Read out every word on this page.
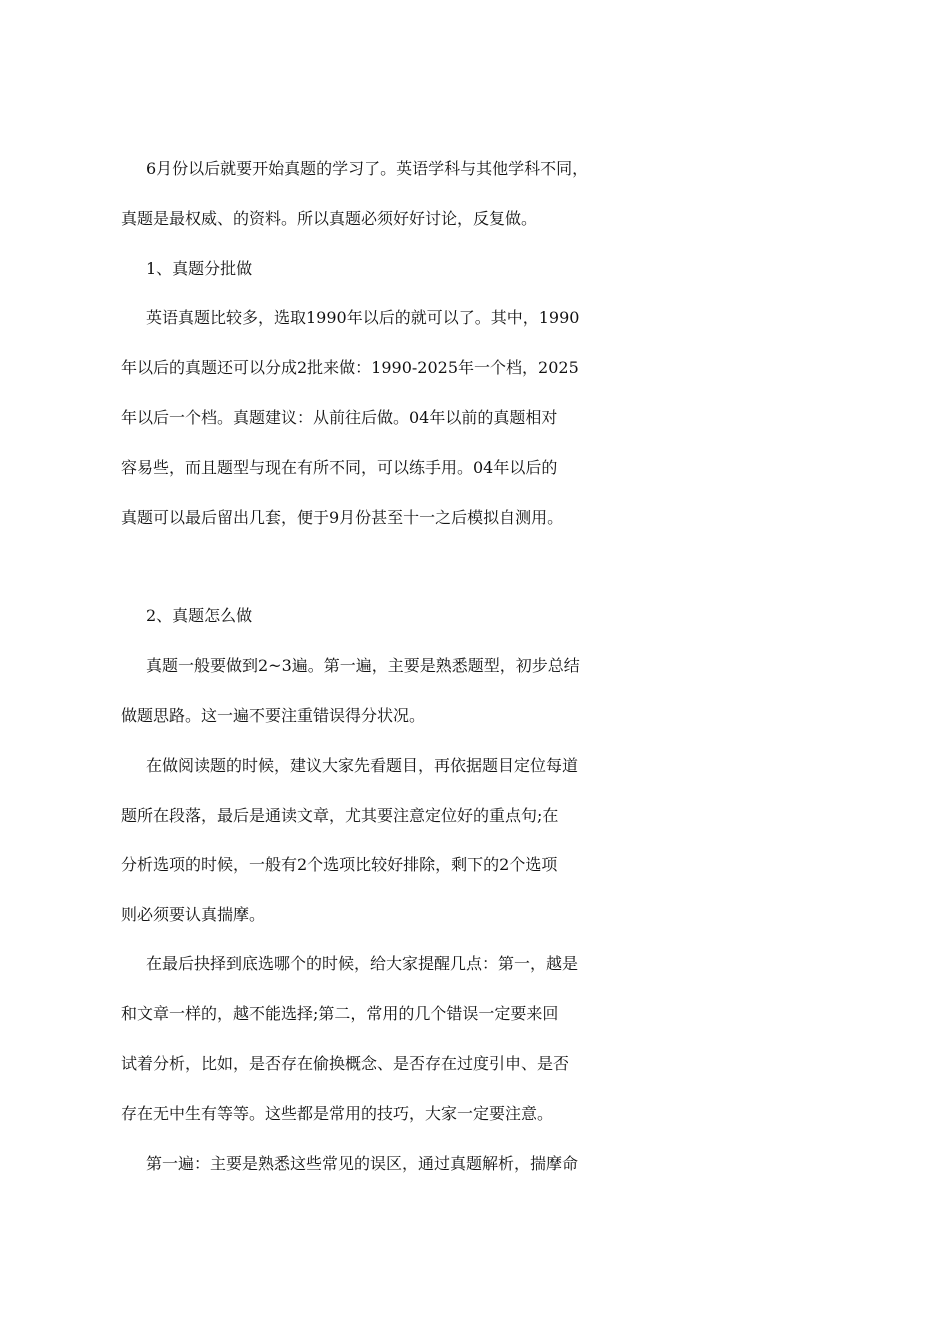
6月份以后就要开始真题的学习了。英语学科与其他学科不同，
真题是最权威、的资料。所以真题必须好好讨论，反复做。
1、真题分批做
英语真题比较多，选取1990年以后的就可以了。其中，1990
年以后的真题还可以分成2批来做：1990-2025年一个档，2025
年以后一个档。真题建议：从前往后做。04年以前的真题相对
容易些，而且题型与现在有所不同，可以练手用。04年以后的
真题可以最后留出几套，便于9月份甚至十一之后模拟自测用。
2、真题怎么做
真题一般要做到2~3遍。第一遍，主要是熟悉题型，初步总结
做题思路。这一遍不要注重错误得分状况。
在做阅读题的时候，建议大家先看题目，再依据题目定位每道
题所在段落，最后是通读文章，尤其要注意定位好的重点句;在
分析选项的时候，一般有2个选项比较好排除，剩下的2个选项
则必须要认真揣摩。
在最后抉择到底选哪个的时候，给大家提醒几点：第一，越是
和文章一样的，越不能选择;第二，常用的几个错误一定要来回
试着分析，比如，是否存在偷换概念、是否存在过度引申、是否
存在无中生有等等。这些都是常用的技巧，大家一定要注意。
第一遍：主要是熟悉这些常见的误区，通过真题解析，揣摩命
